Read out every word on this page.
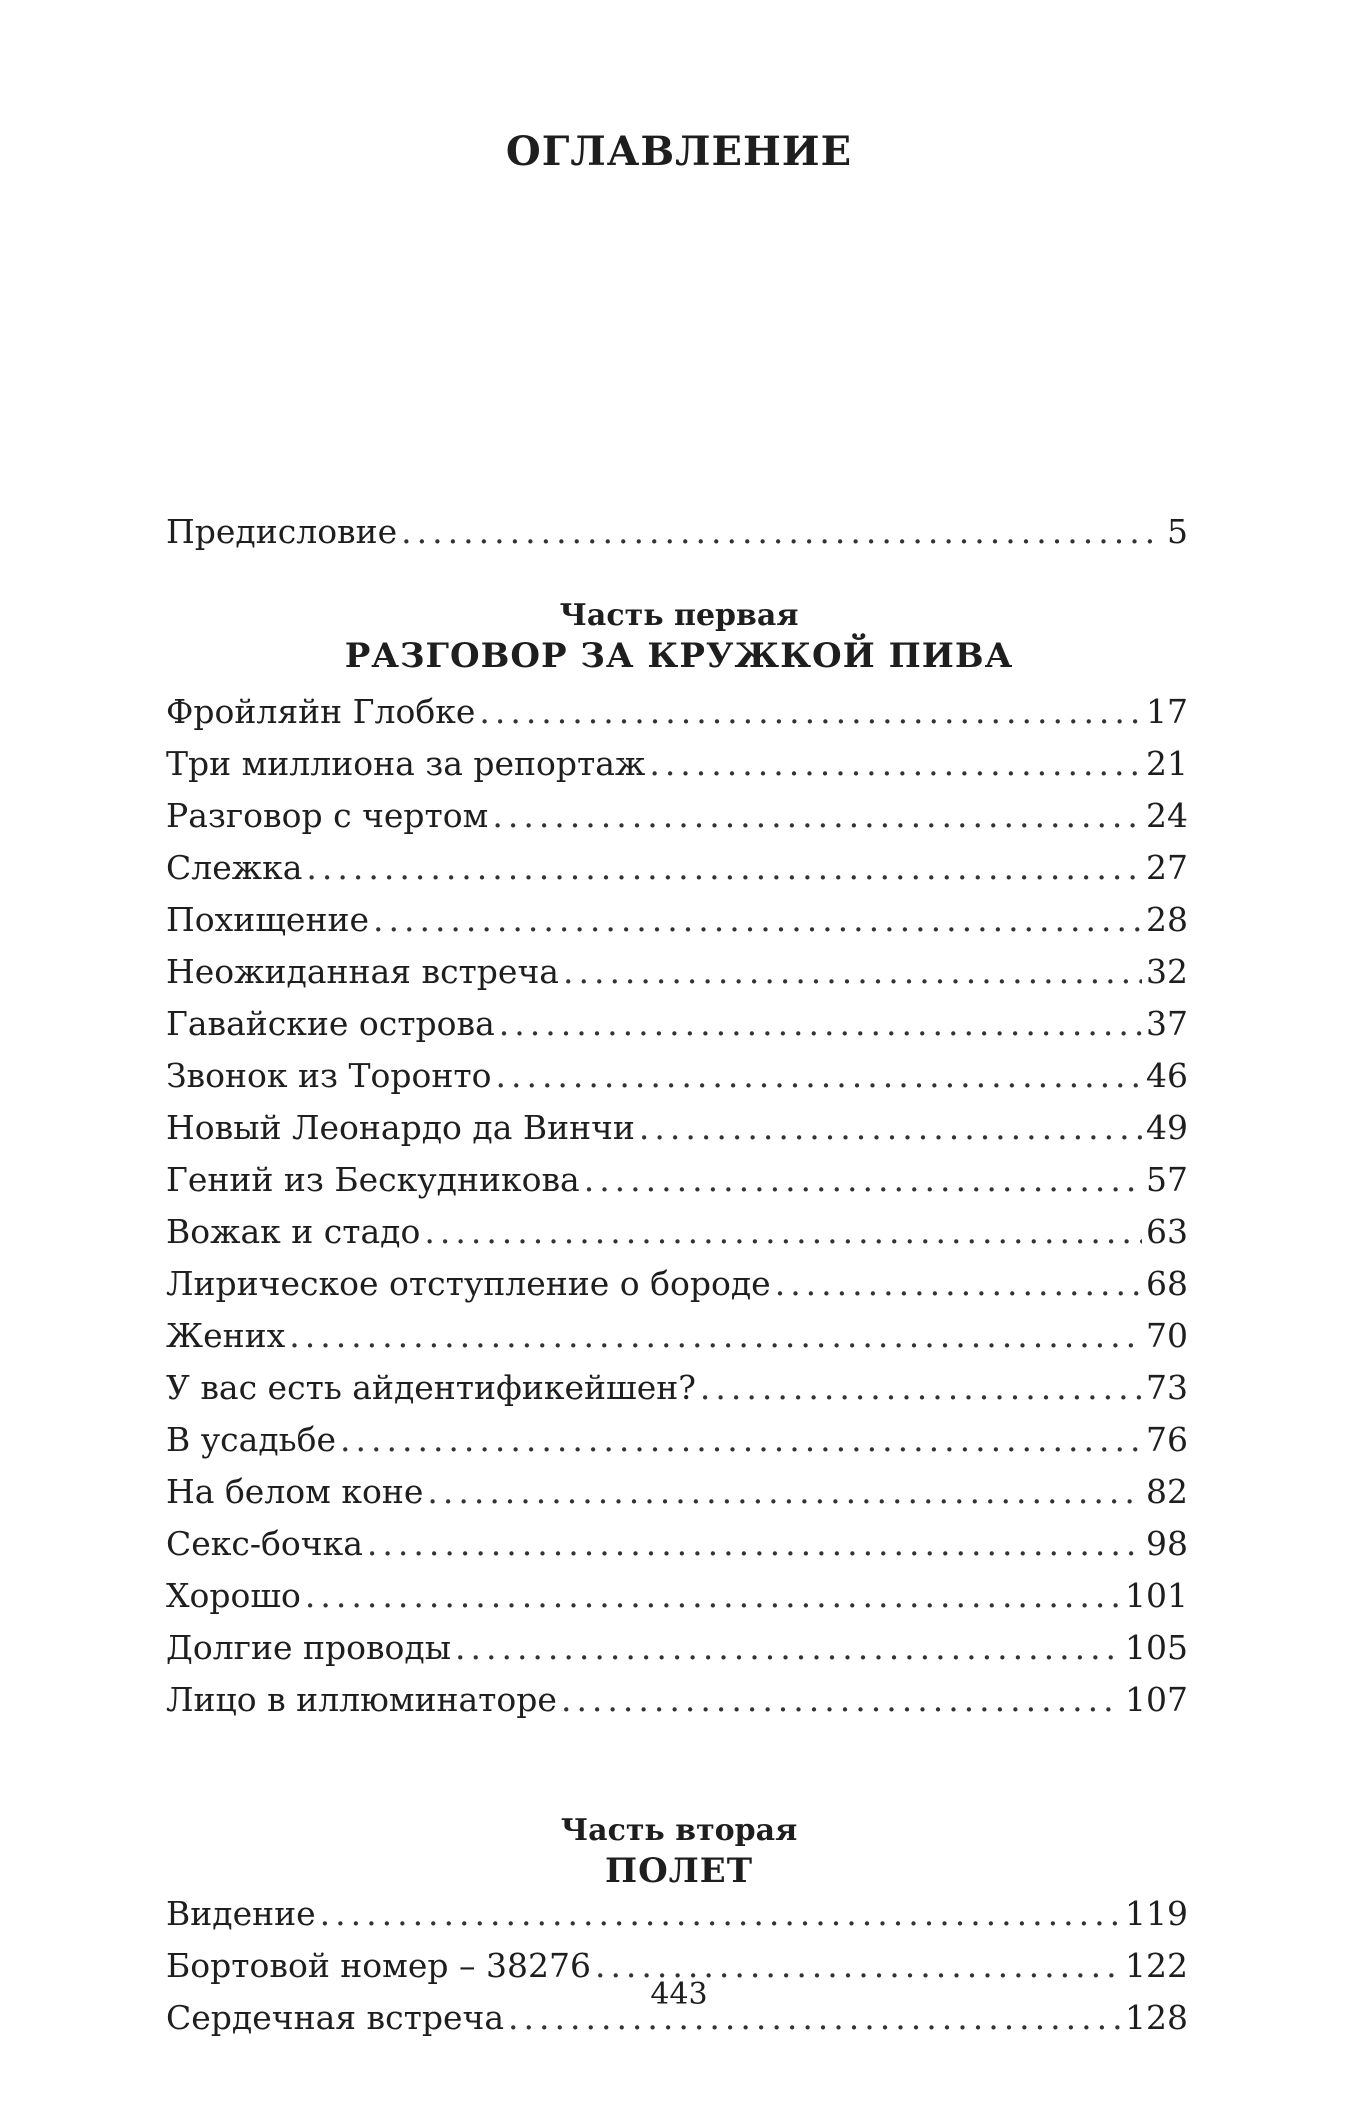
ОГЛАВЛЕНИЕ
Предисловие .....	5
Часть первая
РАЗГОВОР ЗА КРУЖКОЙ ПИВА
Фройляйн Глобке .....	17
Три миллиона за репортаж .....	21
Разговор с чертом .....	24
Слежка .....	27
Похищение .....	28
Неожиданная встреча .....	32
Гавайские острова .....	37
Звонок из Торонто .....	46
Новый Леонардо да Винчи .....	49
Гений из Бескудникова .....	57
Вожак и стадо .....	63
Лирическое отступление о бороде .....	68
Жених .....	70
У вас есть айдентификейшен? .....	73
В усадьбе .....	76
На белом коне .....	82
Секс-бочка .....	98
Хорошо .....	101
Долгие проводы .....	105
Лицо в иллюминаторе .....	107
Часть вторая
ПОЛЕТ
Видение .....	119
Бортовой номер – 38276 .....	122
Сердечная встреча .....	128
443
